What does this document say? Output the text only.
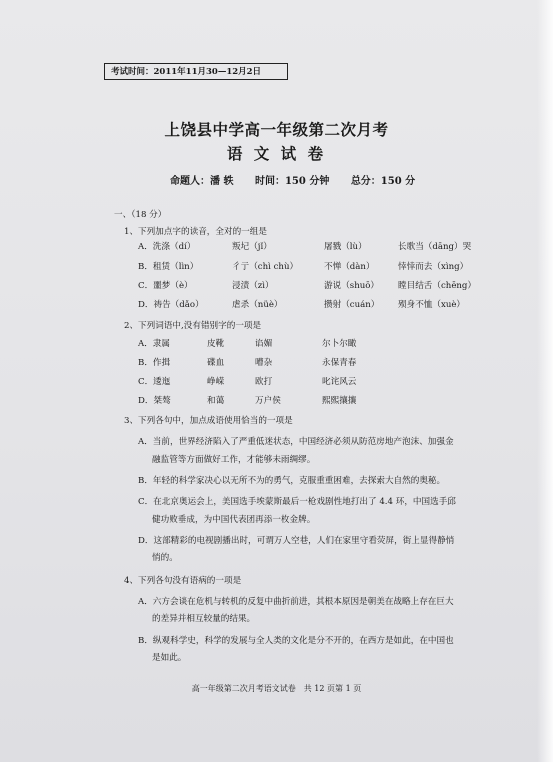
考试时间：2011年11月30—12月2日
上饶县中学高一年级第二次月考
语 文 试 卷
命题人：潘 轶 时间：150 分钟 总分：150 分
一、（18 分）
1、下列加点字的读音，全对的一组是
A．洗涤（dí）	叛圮（jǐ）	屠戮（lù）	长歌当（dāng）哭
B．租赁（lìn）	彳亍（chì chù）	不惮（dàn）	悻悻而去（xìng）
C．噩梦（è）	浸渍（zì）	游说（shuō） 瞠目结舌（chēng）
D．祷告（dǎo）	虐杀（nüè）	攒射（cuán） 殒身不恤（xuè）
2、下列词语中,没有错别字的一项是
A．隶属	皮靴	谄媚	尔卜尔瞰
B．作揖	碟血	嘈杂	永保青春
C．逶迤	峥嵘	欧打	叱诧风云
D．桀骜	和蔼	万户侯	熙熙攘攘
3、下列各句中，加点成语使用恰当的一项是
A．当前，世界经济陷入了严重低迷状态，中国经济必须从防范房地产泡沫、加强金
融监管等方面做好工作，才能够未雨绸缪。
B．年轻的科学家决心以无所不为的勇气，克服重重困难，去探索大自然的奥秘。
C．在北京奥运会上，美国选手埃蒙斯最后一枪戏剧性地打出了 4.4 环，中国选手邱
健功败垂成，为中国代表团再添一枚金牌。
D．这部精彩的电视剧播出时，可谓万人空巷，人们在家里守看荧屏，街上显得静悄
悄的。
4、下列各句没有语病的一项是
A．六方会谈在危机与转机的反复中曲折前进，其根本原因是朝美在战略上存在巨大
的差异并相互较量的结果。
B．纵观科学史，科学的发展与全人类的文化是分不开的，在西方是如此，在中国也
是如此。
高一年级第二次月考语文试卷　共 12 页第 1 页
